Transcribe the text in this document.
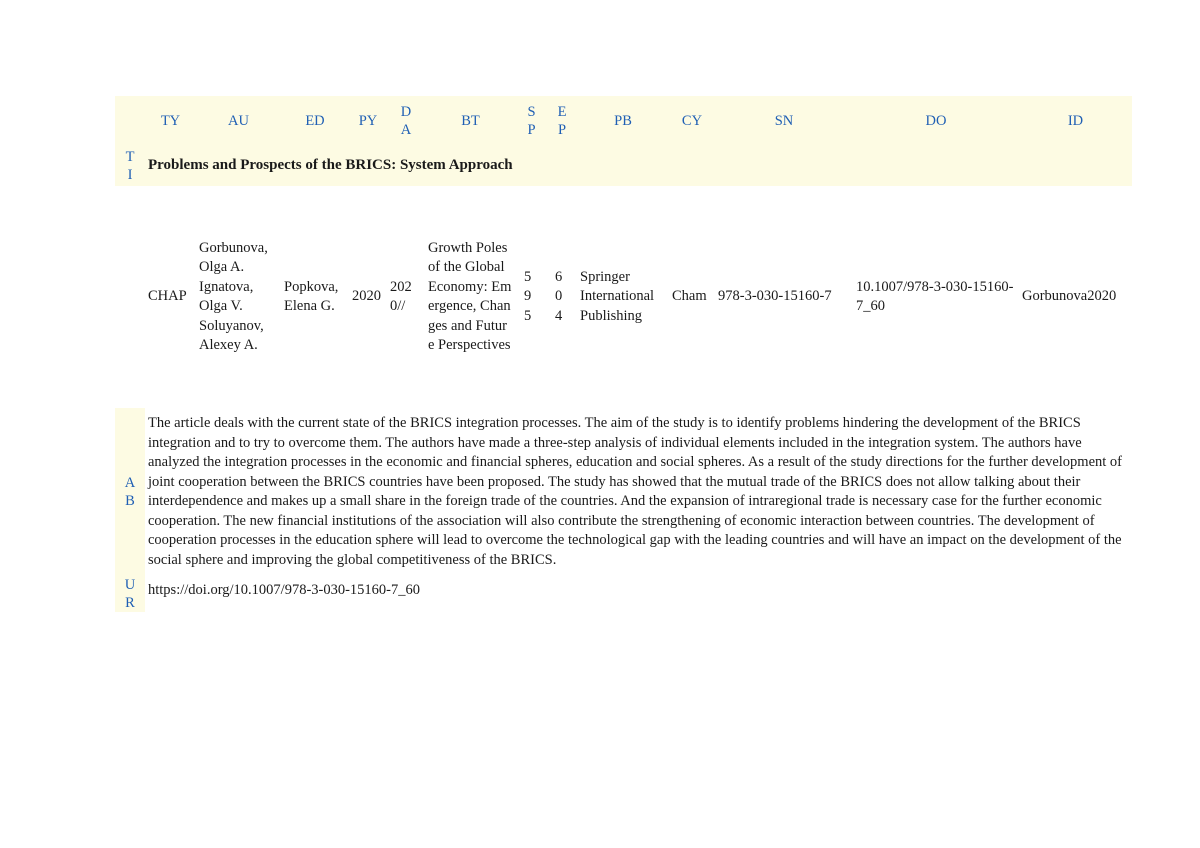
	TY	AU	ED	PY	DA	BT	SP	EP	PB	CY	SN	DO	ID
TI	Problems and Prospects of the BRICS: System Approach												
	CHAP	Gorbunova, Olga A. Ignatova, Olga V. Soluyanov, Alexey A.	Popkova, Elena G.	2020	2020//	Growth Poles of the Global Economy: Emergence, Changes and Future Perspectives	595	604	Springer International Publishing	Cham	978-3-030-15160-7	10.1007/978-3-030-15160-7_60	Gorbunova2020
AB	The article deals with the current state of the BRICS integration processes. The aim of the study is to identify problems hindering the development of the BRICS integration and to try to overcome them. The authors have made a three-step analysis of individual elements included in the integration system. The authors have analyzed the integration processes in the economic and financial spheres, education and social spheres. As a result of the study directions for the further development of joint cooperation between the BRICS countries have been proposed. The study has showed that the mutual trade of the BRICS does not allow talking about their interdependence and makes up a small share in the foreign trade of the countries. And the expansion of intraregional trade is necessary case for the further economic cooperation. The new financial institutions of the association will also contribute the strengthening of economic interaction between countries. The development of cooperation processes in the education sphere will lead to overcome the technological gap with the leading countries and will have an impact on the development of the social sphere and improving the global competitiveness of the BRICS.												
UR	https://doi.org/10.1007/978-3-030-15160-7_60												
